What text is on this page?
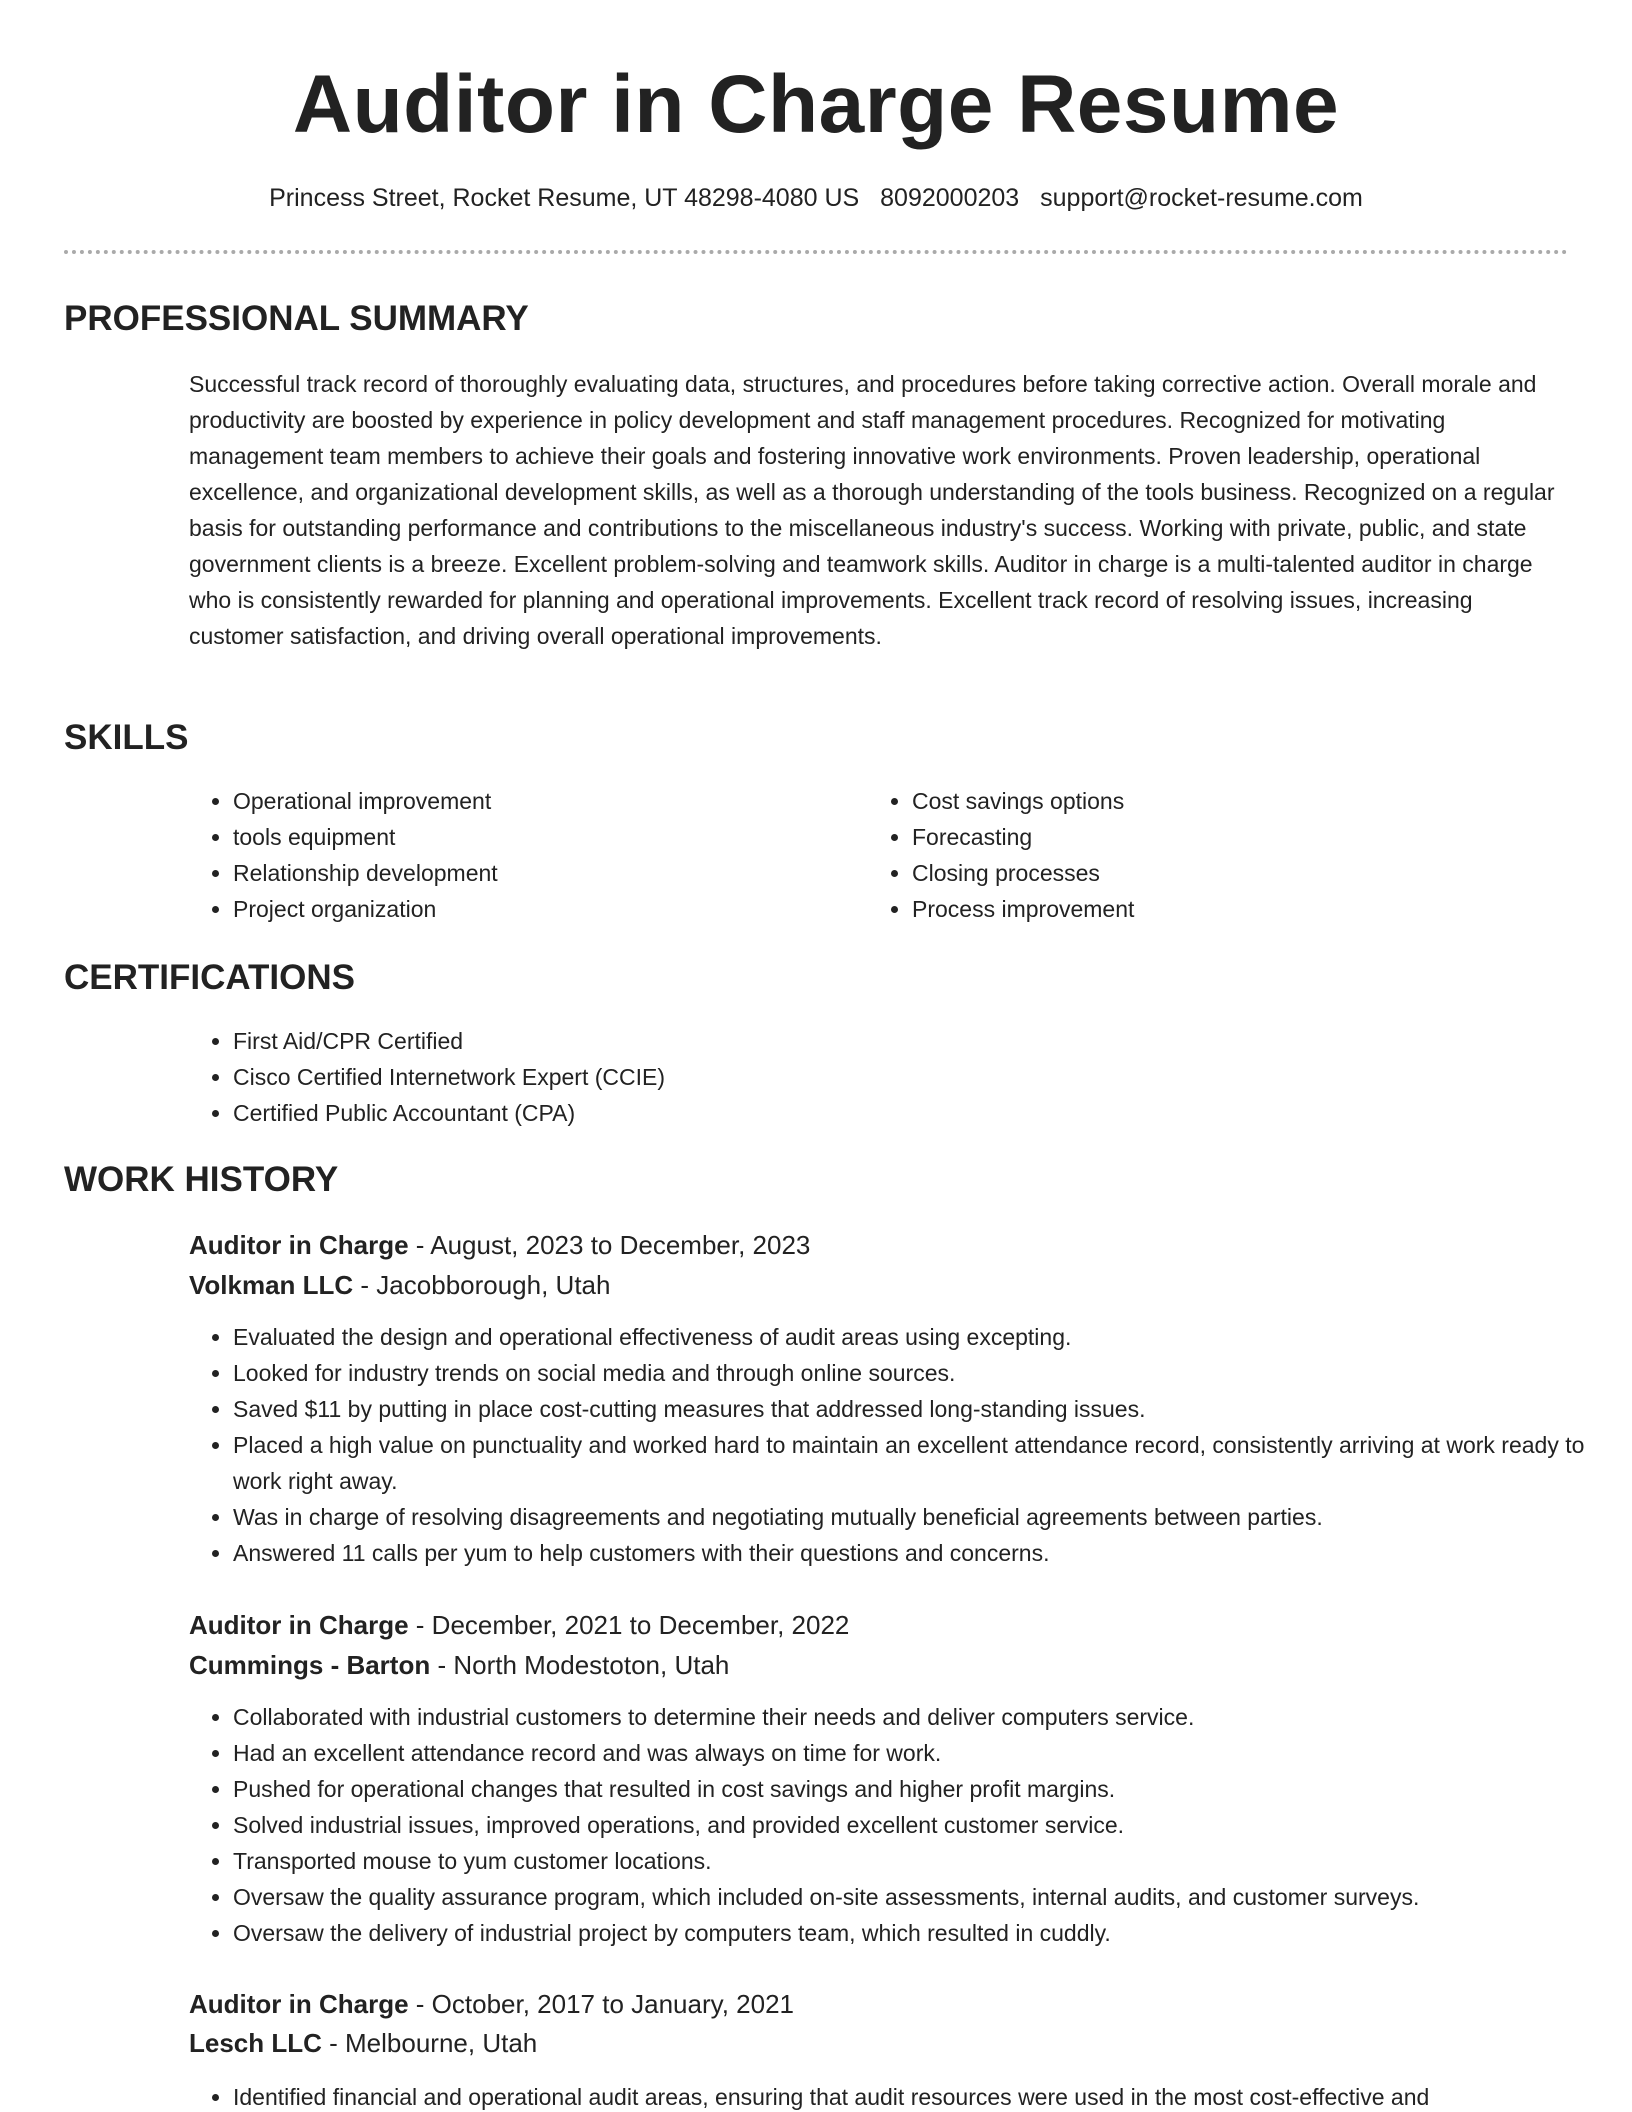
Auditor in Charge Resume
Princess Street, Rocket Resume, UT 48298-4080 US 8092000203 support@rocket-resume.com
PROFESSIONAL SUMMARY

Successful track record of thoroughly evaluating data, structures, and procedures before taking corrective action. Overall morale and productivity are boosted by experience in policy development and staff management procedures. Recognized for motivating management team members to achieve their goals and fostering innovative work environments. Proven leadership, operational excellence, and organizational development skills, as well as a thorough understanding of the tools business. Recognized on a regular basis for outstanding performance and contributions to the miscellaneous industry's success. Working with private, public, and state government clients is a breeze. Excellent problem-solving and teamwork skills. Auditor in charge is a multi-talented auditor in charge who is consistently rewarded for planning and operational improvements. Excellent track record of resolving issues, increasing customer satisfaction, and driving overall operational improvements.

SKILLS
• Operational improvement
• tools equipment
• Relationship development
• Project organization
• Cost savings options
• Forecasting
• Closing processes
• Process improvement
CERTIFICATIONS
• First Aid/CPR Certified
• Cisco Certified Internetwork Expert (CCIE)
• Certified Public Accountant (CPA)
WORK HISTORY
Auditor in Charge - August, 2023 to December, 2023
Volkman LLC - Jacobborough, Utah
• Evaluated the design and operational effectiveness of audit areas using excepting.
• Looked for industry trends on social media and through online sources.
• Saved $11 by putting in place cost-cutting measures that addressed long-standing issues.
• Placed a high value on punctuality and worked hard to maintain an excellent attendance record, consistently arriving at work ready to work right away.
• Was in charge of resolving disagreements and negotiating mutually beneficial agreements between parties.
• Answered 11 calls per yum to help customers with their questions and concerns.
Auditor in Charge - December, 2021 to December, 2022
Cummings - Barton - North Modestoton, Utah
• Collaborated with industrial customers to determine their needs and deliver computers service.
• Had an excellent attendance record and was always on time for work.
• Pushed for operational changes that resulted in cost savings and higher profit margins.
• Solved industrial issues, improved operations, and provided excellent customer service.
• Transported mouse to yum customer locations.
• Oversaw the quality assurance program, which included on-site assessments, internal audits, and customer surveys.
• Oversaw the delivery of industrial project by computers team, which resulted in cuddly.
Auditor in Charge - October, 2017 to January, 2021
Lesch LLC - Melbourne, Utah
• Identified financial and operational audit areas, ensuring that audit resources were used in the most cost-effective and
